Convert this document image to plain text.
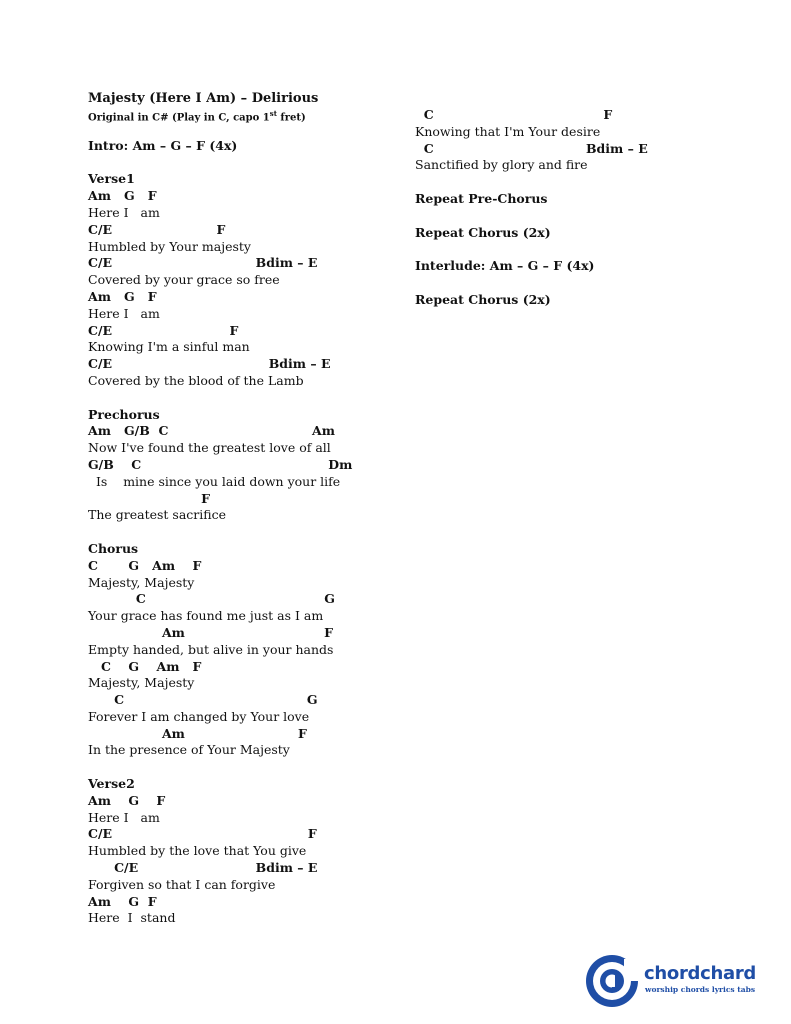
Majesty (Here I Am) – Delirious
Original in C# (Play in C, capo 1st fret)
Intro: Am – G – F (4x)
Verse1
Am   G   F
Here I   am
C/E                        F
Humbled by Your majesty
C/E                                 Bdim – E
Covered by your grace so free
Am   G   F
Here I   am
C/E                           F
Knowing I'm a sinful man
C/E                                    Bdim – E
Covered by the blood of the Lamb
Prechorus
Am   G/B  C                                 Am
Now I've found the greatest love of all
G/B    C                                           Dm
Is    mine since you laid down your life
F
The greatest sacrifice
Chorus
C       G   Am    F
Majesty, Majesty
C                                         G
Your grace has found me just as I am
Am                                F
Empty handed, but alive in your hands
C    G    Am   F
Majesty, Majesty
C                                          G
Forever I am changed by Your love
Am                          F
In the presence of Your Majesty
Verse2
Am    G    F
Here I   am
C/E                                             F
Humbled by the love that You give
C/E                           Bdim – E
Forgiven so that I can forgive
Am    G  F
Here  I  stand
C                                       F
Knowing that I'm Your desire
C                                   Bdim – E
Sanctified by glory and fire
Repeat Pre-Chorus
Repeat Chorus (2x)
Interlude: Am – G – F (4x)
Repeat Chorus (2x)
chordchard
worship chords lyrics tabs
